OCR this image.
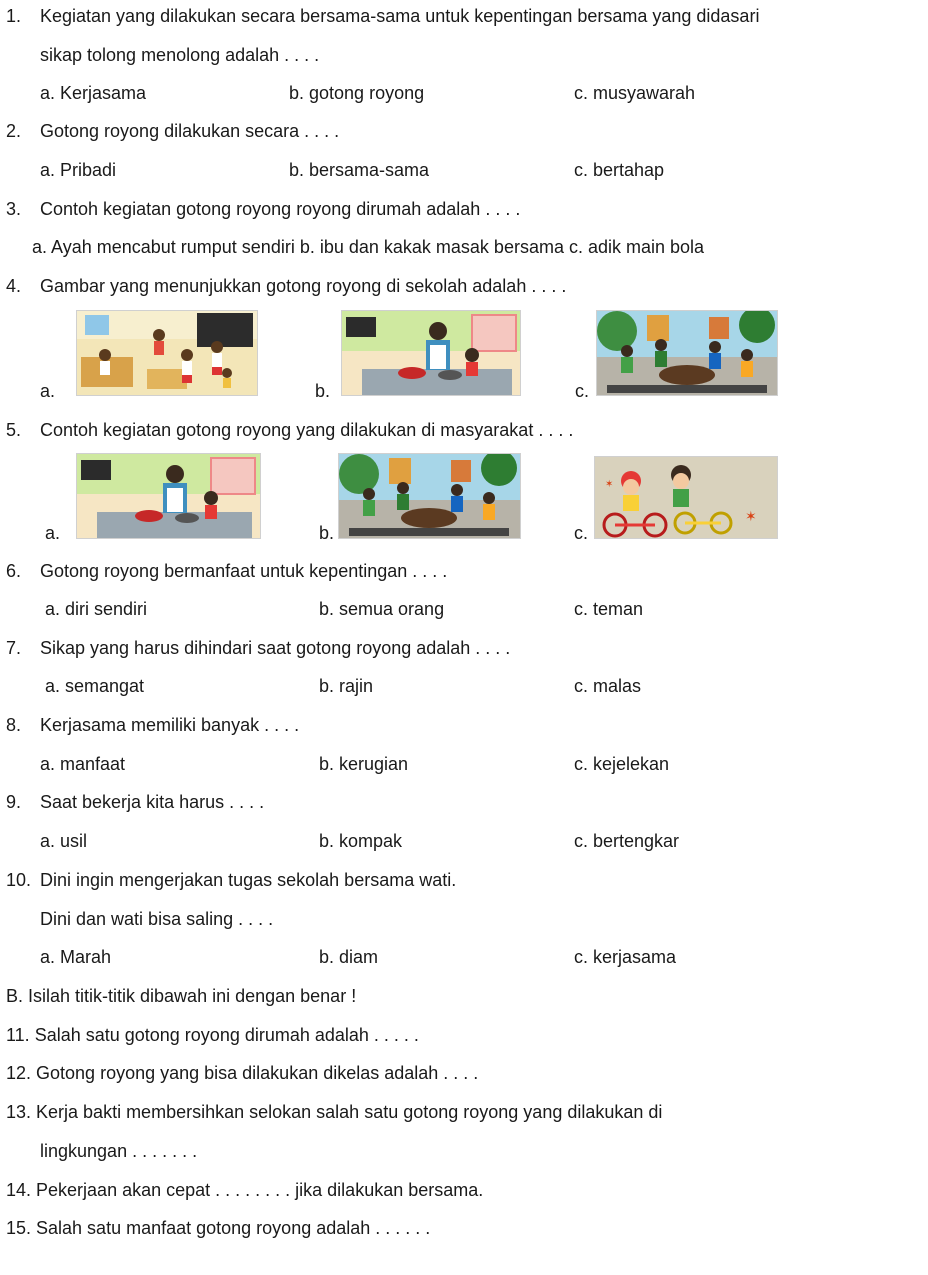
1. Kegiatan yang dilakukan secara bersama-sama untuk kepentingan bersama yang didasari
sikap tolong menolong adalah . . . .
a. Kerjasama	b. gotong royong	c. musyawarah
2. Gotong royong dilakukan secara . . . .
a. Pribadi	b. bersama-sama	c. bertahap
3. Contoh kegiatan gotong royong royong dirumah adalah . . . .
a. Ayah mencabut rumput sendiri b. ibu dan kakak masak bersama c. adik main bola
4. Gambar yang menunjukkan gotong royong di sekolah adalah . . . .
a.	b.	c.
5. Contoh kegiatan gotong royong yang dilakukan di masyarakat . . . .
a.	b.	c.
✶
✶
6. Gotong royong bermanfaat untuk kepentingan . . . .
a. diri sendiri	b. semua orang	c. teman
7. Sikap yang harus dihindari saat gotong royong adalah . . . .
a. semangat	b. rajin	c. malas
8. Kerjasama memiliki banyak . . . .
a. manfaat	b. kerugian	c. kejelekan
9. Saat bekerja kita harus . . . .
a. usil	b. kompak	c. bertengkar
10. Dini ingin mengerjakan tugas sekolah bersama wati.
Dini dan wati bisa saling . . . .
a. Marah	b. diam	c. kerjasama
B. Isilah titik-titik dibawah ini dengan benar !
11. Salah satu gotong royong dirumah adalah . . . . .
12. Gotong royong yang bisa dilakukan dikelas adalah . . . .
13. Kerja bakti membersihkan selokan salah satu gotong royong yang dilakukan di
lingkungan . . . . . . .
14. Pekerjaan akan cepat . . . . . . . . jika dilakukan bersama.
15. Salah satu manfaat gotong royong adalah . . . . . .
